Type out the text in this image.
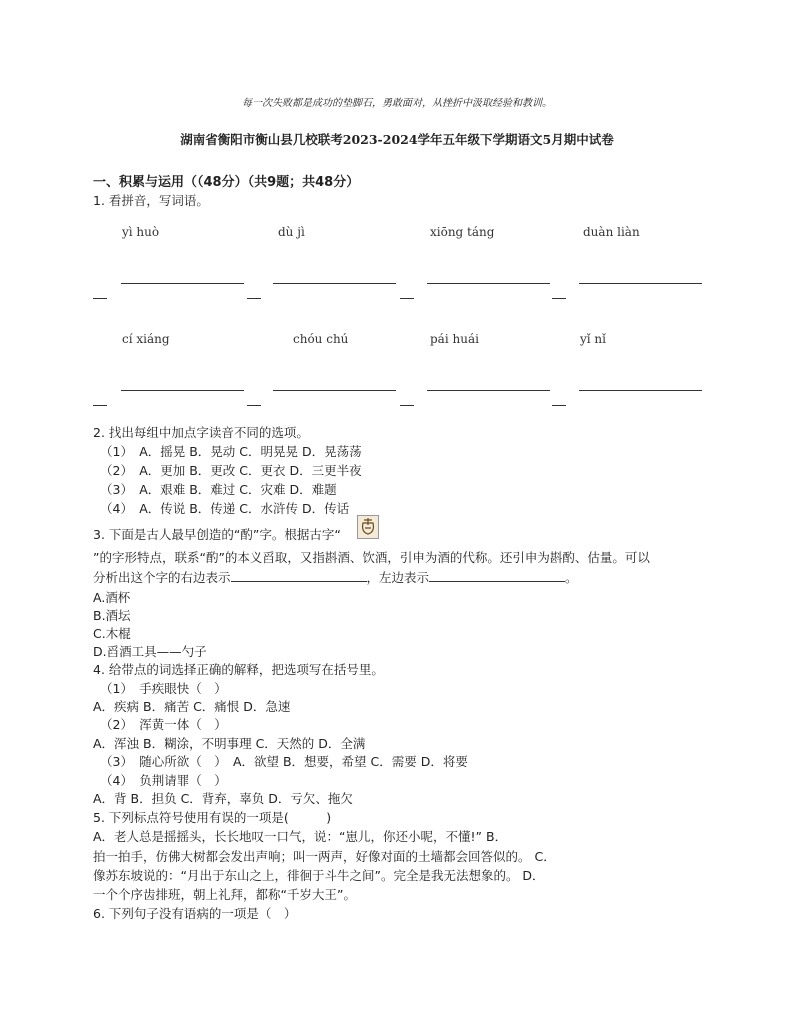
每一次失败都是成功的垫脚石，勇敢面对，从挫折中汲取经验和教训。
湖南省衡阳市衡山县几校联考2023-2024学年五年级下学期语文5月期中试卷
一、积累与运用（（48分）（共9题；共48分）
1. 看拼音，写词语。
yì huò	dù jì	xiōng táng	duàn liàn
cí xiáng	chóu chú	pái huái	yǐ nǐ
2. 找出每组中加点字读音不同的选项。
（1）　A．摇晃 B．晃动 C．明晃晃 D．晃荡荡
（2）　A．更加 B．更改 C．更衣 D．三更半夜
（3）　A．艰难 B．难过 C．灾难 D．难题
（4）　A．传说 B．传递 C．水浒传 D．传话
3. 下面是古人最早创造的“酌”字。根据古字“
”的字形特点，联系“酌”的本义舀取，又指斟酒、饮酒，引申为酒的代称。还引申为斟酌、估量。可以
分析出这个字的右边表示	，左边表示	。
A.酒杯
B.酒坛
C.木棍
D.舀酒工具——勺子
4. 给带点的词选择正确的解释，把选项写在括号里。
（1）　手疾眼快（　）
A．疾病 B．痛苦 C．痛恨 D．急速
（2）　浑黄一体（　）
A．浑浊 B．糊涂，不明事理 C．天然的 D．全满
（3）　随心所欲（　）　A．欲望 B．想要，希望 C．需要 D．将要
（4）　负荆请罪（　）
A．背 B．担负 C．背弃，辜负 D．亏欠、拖欠
5. 下列标点符号使用有误的一项是(　　　)
A．老人总是摇摇头，长长地叹一口气，说：“崽儿，你还小呢，不懂!” B．
拍一拍手，仿佛大树都会发出声响；叫一两声，好像对面的土墙都会回答似的。 C．
像苏东坡说的：“月出于东山之上，徘徊于斗牛之间”。完全是我无法想象的。 D．
一个个序齿排班，朝上礼拜，都称“千岁大王”。
6. 下列句子没有语病的一项是（　）
